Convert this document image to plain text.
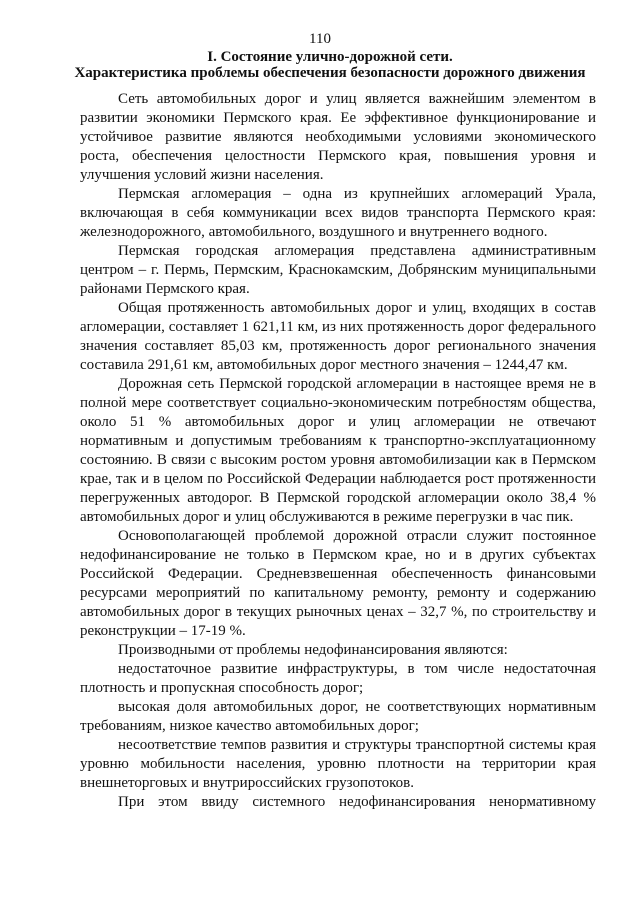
110
I. Состояние улично-дорожной сети.
Характеристика проблемы обеспечения безопасности дорожного движения

Сеть автомобильных дорог и улиц является важнейшим элементом в развитии экономики Пермского края. Ее эффективное функционирование и устойчивое развитие являются необходимыми условиями экономического роста, обеспечения целостности Пермского края, повышения уровня и улучшения условий жизни населения.

Пермская агломерация – одна из крупнейших агломераций Урала, включающая в себя коммуникации всех видов транспорта Пермского края: железнодорожного, автомобильного, воздушного и внутреннего водного.

Пермская городская агломерация представлена административным центром – г. Пермь, Пермским, Краснокамским, Добрянским муниципальными районами Пермского края.

Общая протяженность автомобильных дорог и улиц, входящих в состав агломерации, составляет 1 621,11 км, из них протяженность дорог федерального значения составляет 85,03 км, протяженность дорог регионального значения составила 291,61 км, автомобильных дорог местного значения – 1244,47 км.

Дорожная сеть Пермской городской агломерации в настоящее время не в полной мере соответствует социально-экономическим потребностям общества, около 51 % автомобильных дорог и улиц агломерации не отвечают нормативным и допустимым требованиям к транспортно-эксплуатационному состоянию. В связи с высоким ростом уровня автомобилизации как в Пермском крае, так и в целом по Российской Федерации наблюдается рост протяженности перегруженных автодорог. В Пермской городской агломерации около 38,4 % автомобильных дорог и улиц обслуживаются в режиме перегрузки в час пик.

Основополагающей проблемой дорожной отрасли служит постоянное недофинансирование не только в Пермском крае, но и в других субъектах Российской Федерации. Средневзвешенная обеспеченность финансовыми ресурсами мероприятий по капитальному ремонту, ремонту и содержанию автомобильных дорог в текущих рыночных ценах – 32,7 %, по строительству и реконструкции – 17-19 %.

Производными от проблемы недофинансирования являются:

недостаточное развитие инфраструктуры, в том числе недостаточная плотность и пропускная способность дорог;

высокая доля автомобильных дорог, не соответствующих нормативным требованиям, низкое качество автомобильных дорог;

несоответствие темпов развития и структуры транспортной системы края уровню мобильности населения, уровню плотности на территории края внешнеторговых и внутрироссийских грузопотоков.

При этом ввиду системного недофинансирования ненормативному
